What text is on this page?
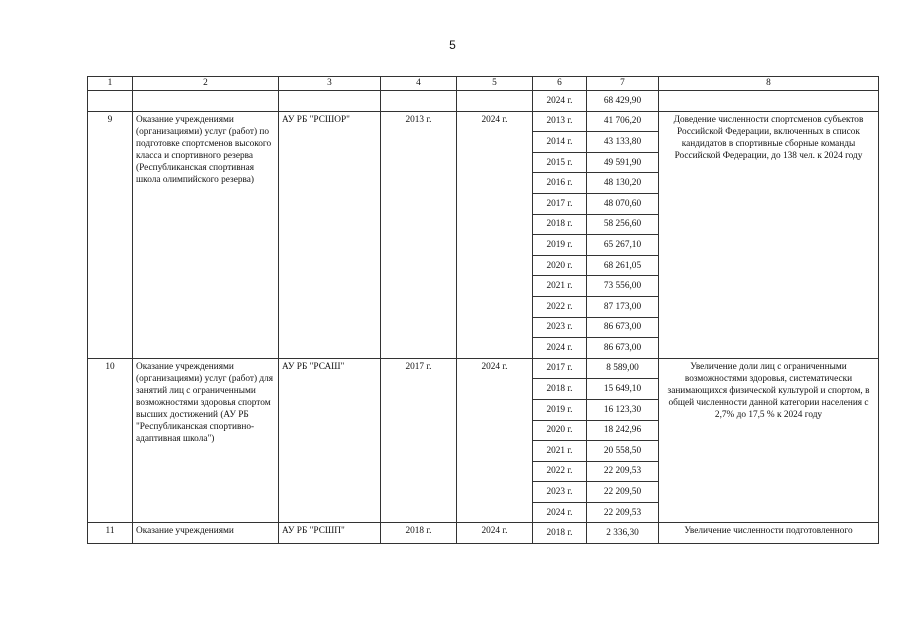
5
1	2	3	4	5	6	7	8
					2024 г.	68 429,90	
9	Оказание учреждениями (организациями) услуг (работ) по подготовке спортсменов высокого класса и спортивного резерва (Республиканская спортивная школа олимпийского резерва)	АУ РБ "РСШОР"	2013 г.	2024 г.	2013 г.	41 706,20	Доведение численности спортсменов субъектов Российской Федерации, включенных в список кандидатов в спортивные сборные команды Российской Федерации, до 138 чел. к 2024 году
					2014 г.	43 133,80	
					2015 г.	49 591,90	
					2016 г.	48 130,20	
					2017 г.	48 070,60	
					2018 г.	58 256,60	
					2019 г.	65 267,10	
					2020 г.	68 261,05	
					2021 г.	73 556,00	
					2022 г.	87 173,00	
					2023 г.	86 673,00	
					2024 г.	86 673,00	
10	Оказание учреждениями (организациями) услуг (работ) для занятий лиц с ограниченными возможностями здоровья спортом высших достижений (АУ РБ "Республиканская спортивно-адаптивная школа")	АУ РБ "РСАШ"	2017 г.	2024 г.	2017 г.	8 589,00	Увеличение доли лиц с ограниченными возможностями здоровья, систематически занимающихся физической культурой и спортом, в общей численности данной категории населения с 2,7% до 17,5 % к 2024 году
					2018 г.	15 649,10	
					2019 г.	16 123,30	
					2020 г.	18 242,96	
					2021 г.	20 558,50	
					2022 г.	22 209,53	
					2023 г.	22 209,50	
					2024 г.	22 209,53	
11	Оказание учреждениями	АУ РБ "РСШП"	2018 г.	2024 г.	2018 г.	2 336,30	Увеличение численности подготовленного
